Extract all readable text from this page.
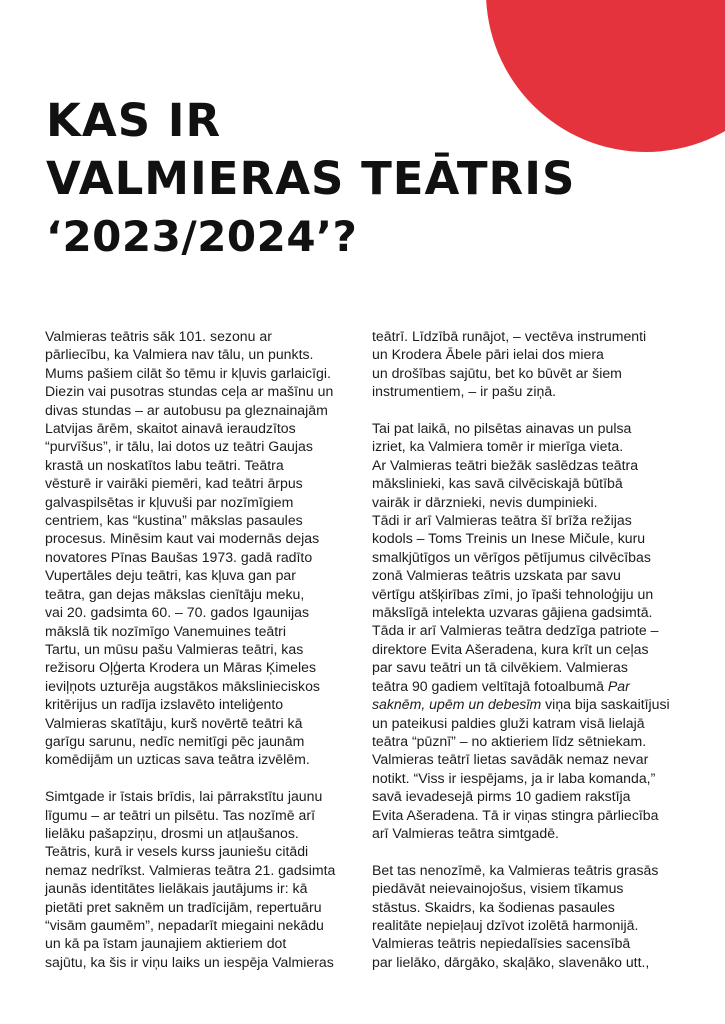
KAS IR
VALMIERAS TEĀTRIS
‘2023/2024’?
Valmieras teātris sāk 101. sezonu ar
pārliecību, ka Valmiera nav tālu, un punkts.
Mums pašiem cilāt šo tēmu ir kļuvis garlaicīgi.
Diezin vai pusotras stundas ceļa ar mašīnu un
divas stundas – ar autobusu pa gleznainajām
Latvijas ārēm, skaitot ainavā ieraudzītos
“purvīšus”, ir tālu, lai dotos uz teātri Gaujas
krastā un noskatītos labu teātri. Teātra
vēsturē ir vairāki piemēri, kad teātri ārpus
galvaspilsētas ir kļuvuši par nozīmīgiem
centriem, kas “kustina” mākslas pasaules
procesus. Minēsim kaut vai modernās dejas
novatores Pīnas Baušas 1973. gadā radīto
Vupertāles deju teātri, kas kļuva gan par
teātra, gan dejas mākslas cienītāju meku,
vai 20. gadsimta 60. – 70. gados Igaunijas
mākslā tik nozīmīgo Vanemuines teātri
Tartu, un mūsu pašu Valmieras teātri, kas
režisoru Oļģerta Krodera un Māras Ķimeles
ieviļņots uzturēja augstākos mākslinieciskos
kritērijus un radīja izslavēto inteliģento
Valmieras skatītāju, kurš novērtē teātri kā
garīgu sarunu, nedīc nemitīgi pēc jaunām
komēdijām un uzticas sava teātra izvēlēm.
Simtgade ir īstais brīdis, lai pārrakstītu jaunu
līgumu – ar teātri un pilsētu. Tas nozīmē arī
lielāku pašapziņu, drosmi un atļaušanos.
Teātris, kurā ir vesels kurss jauniešu citādi
nemaz nedrīkst. Valmieras teātra 21. gadsimta
jaunās identitātes lielākais jautājums ir: kā
pietāti pret saknēm un tradīcijām, repertuāru
“visām gaumēm”, nepadarīt miegaini nekādu
un kā pa īstam jaunajiem aktieriem dot
sajūtu, ka šis ir viņu laiks un iespēja Valmieras
teātrī. Līdzībā runājot, – vectēva instrumenti
un Krodera Ābele pāri ielai dos miera
un drošības sajūtu, bet ko būvēt ar šiem
instrumentiem, – ir pašu ziņā.
Tai pat laikā, no pilsētas ainavas un pulsa
izriet, ka Valmiera tomēr ir mierīga vieta.
Ar Valmieras teātri biežāk saslēdzas teātra
mākslinieki, kas savā cilvēciskajā būtībā
vairāk ir dārznieki, nevis dumpinieki.
Tādi ir arī Valmieras teātra šī brīža režijas
kodols – Toms Treinis un Inese Mičule, kuru
smalkjūtīgos un vērīgos pētījumus cilvēcības
zonā Valmieras teātris uzskata par savu
vērtīgu atšķirības zīmi, jo īpaši tehnoloģiju un
mākslīgā intelekta uzvaras gājiena gadsimtā.
Tāda ir arī Valmieras teātra dedzīga patriote –
direktore Evita Ašeradena, kura krīt un ceļas
par savu teātri un tā cilvēkiem. Valmieras
teātra 90 gadiem veltītajā fotoalbumā Par
saknēm, upēm un debesīm viņa bija saskaitījusi
un pateikusi paldies gluži katram visā lielajā
teātra “pūznī” – no aktieriem līdz sētniekam.
Valmieras teātrī lietas savādāk nemaz nevar
notikt. “Viss ir iespējams, ja ir laba komanda,”
savā ievadesejā pirms 10 gadiem rakstīja
Evita Ašeradena. Tā ir viņas stingra pārliecība
arī Valmieras teātra simtgadē.
Bet tas nenozīmē, ka Valmieras teātris grasās
piedāvāt neievainojošus, visiem tīkamus
stāstus. Skaidrs, ka šodienas pasaules
realitāte nepieļauj dzīvot izolētā harmonijā.
Valmieras teātris nepiedalīsies sacensībā
par lielāko, dārgāko, skaļāko, slavenāko utt.,
